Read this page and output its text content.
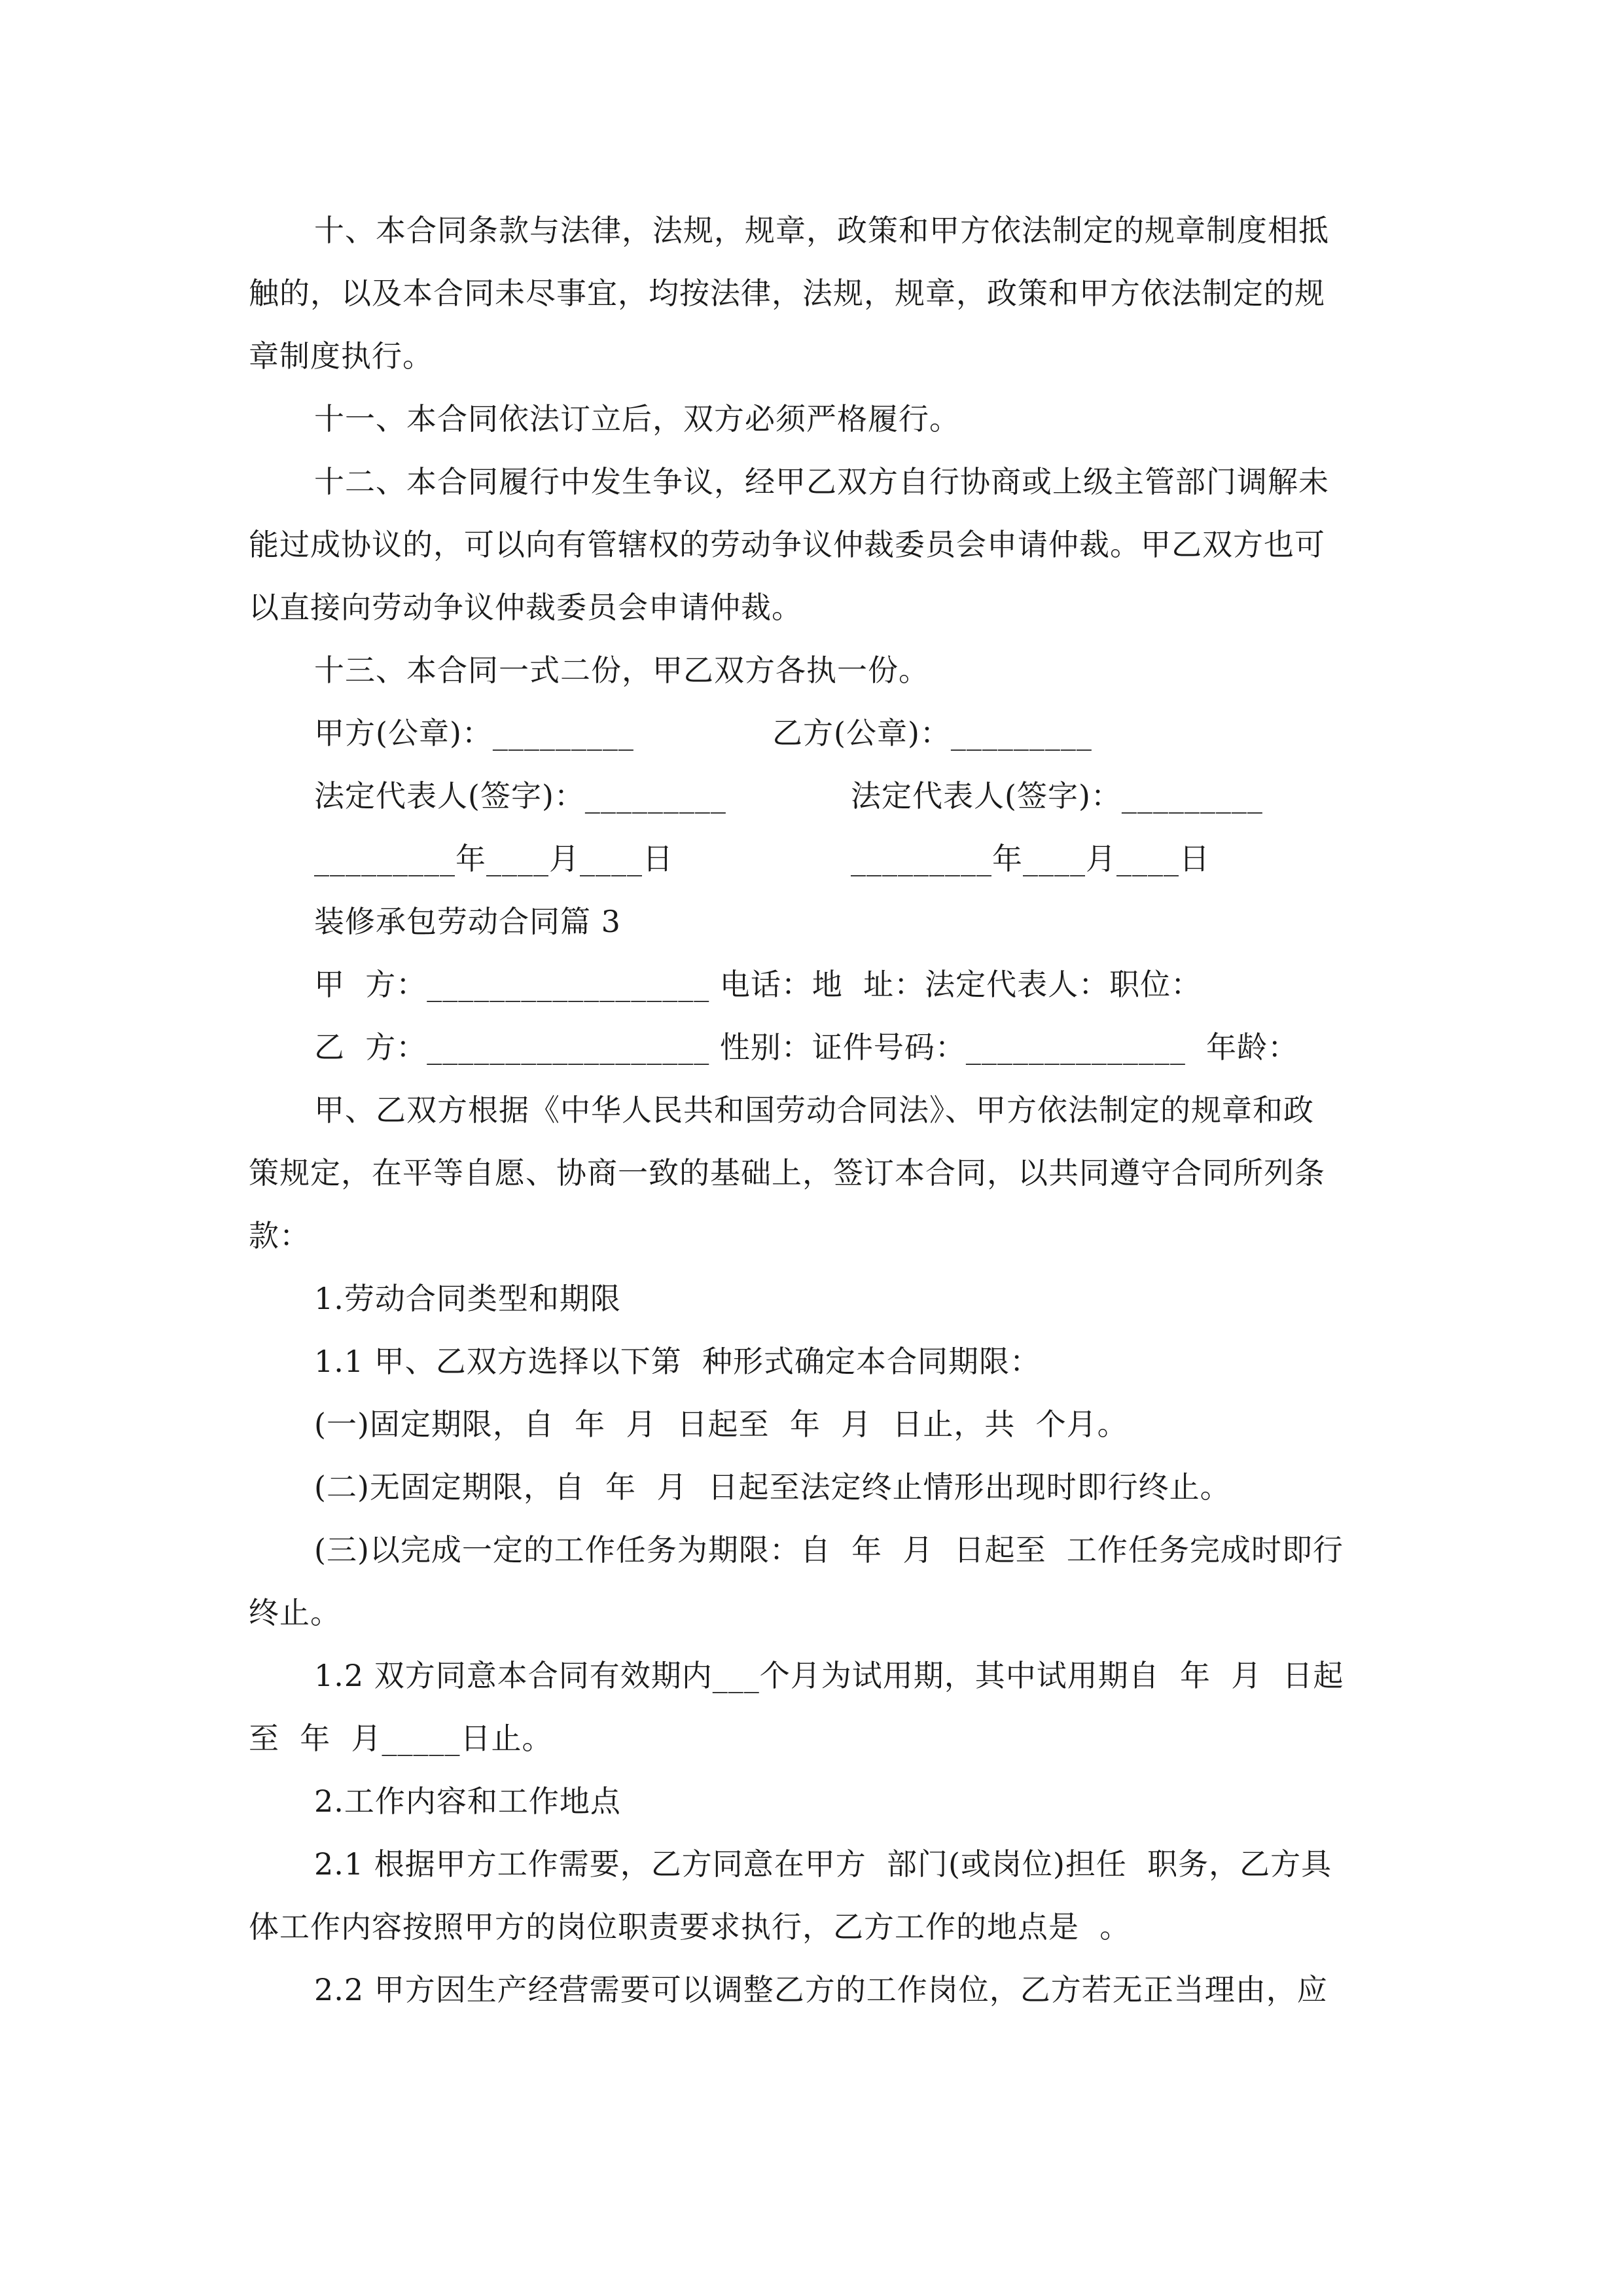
十、本合同条款与法律，法规，规章，政策和甲方依法制定的规章制度相抵
触的，以及本合同未尽事宜，均按法律，法规，规章，政策和甲方依法制定的规
章制度执行。
十一、本合同依法订立后，双方必须严格履行。
十二、本合同履行中发生争议，经甲乙双方自行协商或上级主管部门调解未
能过成协议的，可以向有管辖权的劳动争议仲裁委员会申请仲裁。甲乙双方也可
以直接向劳动争议仲裁委员会申请仲裁。
十三、本合同一式二份，甲乙双方各执一份。
甲方(公章)：_________	乙方(公章)：_________
法定代表人(签字)：_________	法定代表人(签字)：_________
_________年____月____日	_________年____月____日
装修承包劳动合同篇 3
甲  方：__________________ 电话：地  址：法定代表人：职位：
乙  方：__________________ 性别：证件号码：______________  年龄：
甲、乙双方根据《中华人民共和国劳动合同法》、甲方依法制定的规章和政
策规定，在平等自愿、协商一致的基础上，签订本合同，以共同遵守合同所列条
款：
1.劳动合同类型和期限
1.1 甲、乙双方选择以下第  种形式确定本合同期限：
(一)固定期限，自  年  月  日起至  年  月  日止，共  个月。
(二)无固定期限，自  年  月  日起至法定终止情形出现时即行终止。
(三)以完成一定的工作任务为期限：自  年  月  日起至  工作任务完成时即行
终止。
1.2 双方同意本合同有效期内___个月为试用期，其中试用期自  年  月  日起
至  年  月_____日止。
2.工作内容和工作地点
2.1 根据甲方工作需要，乙方同意在甲方  部门(或岗位)担任  职务，乙方具
体工作内容按照甲方的岗位职责要求执行，乙方工作的地点是  。
2.2 甲方因生产经营需要可以调整乙方的工作岗位，乙方若无正当理由，应
